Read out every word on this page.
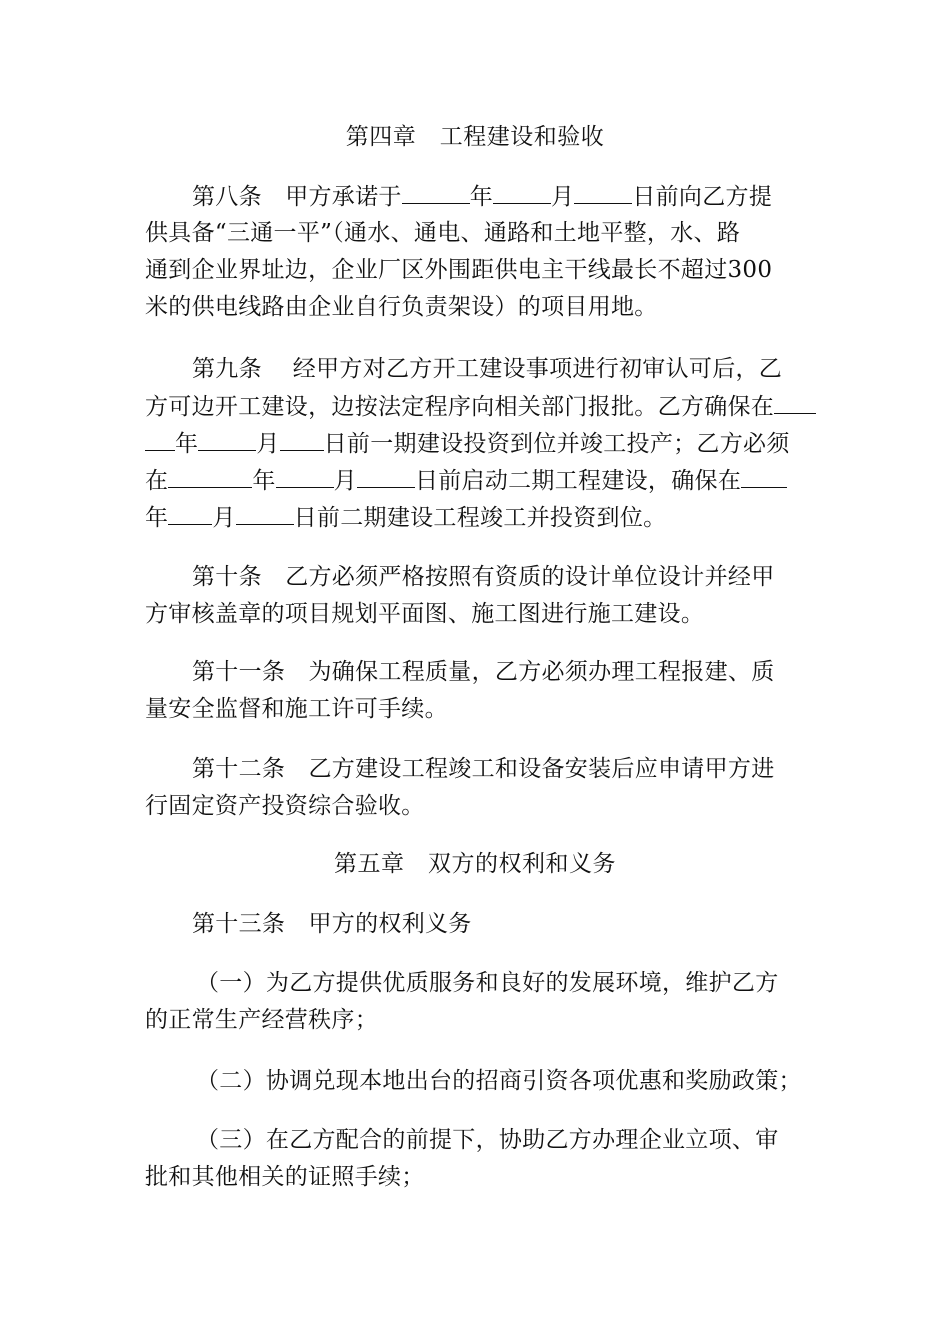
第四章　工程建设和验收
第八条　甲方承诺于	年	月	日前向乙方提
供具备“三通一平”（通水、通电、通路和土地平整，水、路
通到企业界址边，企业厂区外围距供电主干线最长不超过300
米的供电线路由企业自行负责架设）的项目用地。
第九条　 经甲方对乙方开工建设事项进行初审认可后，乙
方可边开工建设，边按法定程序向相关部门报批。乙方确保在
年	月 日前一期建设投资到位并竣工投产；乙方必须
在	年	月	日前启动二期工程建设，确保在
年 月	日前二期建设工程竣工并投资到位。
第十条　乙方必须严格按照有资质的设计单位设计并经甲
方审核盖章的项目规划平面图、施工图进行施工建设。
第十一条　为确保工程质量，乙方必须办理工程报建、质
量安全监督和施工许可手续。
第十二条　乙方建设工程竣工和设备安装后应申请甲方进
行固定资产投资综合验收。
第五章　双方的权利和义务
第十三条　甲方的权利义务
（一）为乙方提供优质服务和良好的发展环境，维护乙方
的正常生产经营秩序；
（二）协调兑现本地出台的招商引资各项优惠和奖励政策；
（三）在乙方配合的前提下，协助乙方办理企业立项、审
批和其他相关的证照手续；
